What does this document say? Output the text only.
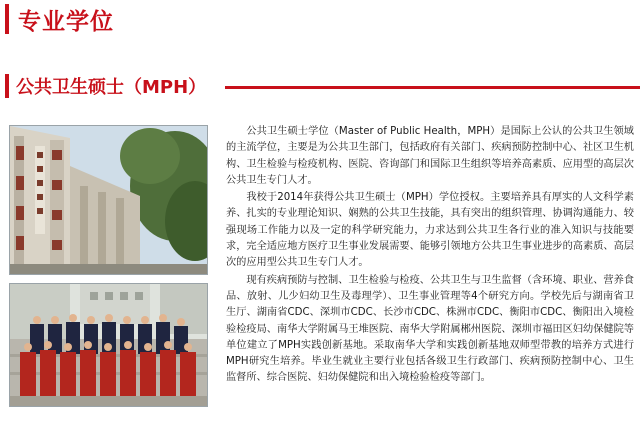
专业学位
公共卫生硕士（MPH）

公共卫生硕士学位（Master of Public Health，MPH）是国际上公认的公共卫生领域的主流学位，主要是为公共卫生部门，包括政府有关部门、疾病预防控制中心、社区卫生机构、卫生检验与检疫机构、医院、咨询部门和国际卫生组织等培养高素质、应用型的高层次公共卫生专门人才。

我校于2014年获得公共卫生硕士（MPH）学位授权。主要培养具有厚实的人文科学素养、扎实的专业理论知识、娴熟的公共卫生技能，具有突出的组织管理、协调沟通能力、较强现场工作能力以及一定的科学研究能力，力求达到公共卫生各行业的准入知识与技能要求，完全适应地方医疗卫生事业发展需要、能够引领地方公共卫生事业进步的高素质、高层次的应用型公共卫生专门人才。

现有疾病预防与控制、卫生检验与检疫、公共卫生与卫生监督（含环境、职业、营养食品、放射、儿少妇幼卫生及毒理学）、卫生事业管理等4个研究方向。学校先后与湖南省卫生厅、湖南省CDC、深圳市CDC、长沙市CDC、株洲市CDC、衡阳市CDC、衡阳出入境检验检疫局、南华大学附属马王堆医院、南华大学附属郴州医院、深圳市福田区妇幼保健院等单位建立了MPH实践创新基地。采取南华大学和实践创新基地双师型带教的培养方式进行MPH研究生培养。毕业生就业主要行业包括各级卫生行政部门、疾病预防控制中心、卫生监督所、综合医院、妇幼保健院和出入境检验检疫等部门。
